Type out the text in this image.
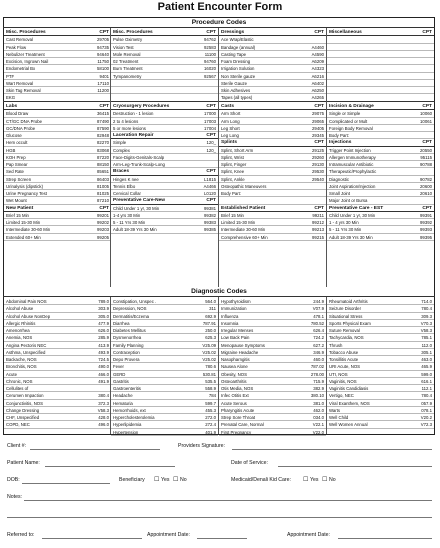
Patient Encounter Form
Procedure Codes
Misc. Procedures	CPT
Cast Removal	29705
Peak Flow	94735
Nebulizer Treatment	94640
Excision, Ingrown Nail	11750
Endometrial Bx	58100
PTF	9401
Wart Removal	17110
Skin Tag Removal	11200
EKG
Misc. Procedures	CPT
Pulse Oximetry	94762
Vision Test	92583
Mole Removal	11100
02 Treatment	94760
Burn Treatment	16020
Tympanometry	92567
Dressings	CPT
Ace Wrap/Elastic
Bandage (annual)	A4460
Casting Tape	A4590
Foam Dressing	A6209
Irrigation Solution	A4323
Non Sterile gauze	A6216
Sterile Gauze	A6402
Skin Adhesives	A6250
Tapes (all types)	A4265
Miscellaneous	CPT
Labs	CPT
Blood Draw	36415
CT/GC DNA Probe	87490
GC/DNA Probe	87590
Glucose	82948
Hem occult	82270
HGB	83068
KOH Prep	87220
Pap Smear	88150
Sed Rate	85651
Strep Screen	86403
Urinalysis (dipstick)	81005
Urine Pregnancy Test	81025
Wet Mount	87210
New Patient	CPT
Brief 15 Min	99201
Limited 15-30 Min	99202
Intermediate 30-60 Min	99203
Extended 60+ Min	99205
Cryosurgery Procedures	CPT
Destruction - 1 lesion	17000
2 to 4 lesions	17003
5 or more lesions	17004
Laceration Repair	CPT
Simple	120_
Complex	120_
Face-Digits-Genitals-Scalp
Arm-Leg-Trunk-Scalp-Long
Braces	CPT
Hinges K nee	L1815
Tennis Elbo	A4466
Cervical Collar	L0120
Preventative Care-New	CPT
Child Under 1 yr, 30 Min	99381
1-4 yrs 30 Min	99382
5 - 11 Yrs 30 Min	99383
Adult 18-39 Yrs 30 Min	99385
Casts	CPT
Arm Short	29075
Arm Long	29065
Leg Short	29405
Leg Long	29345
Splints	CPT
Splint, Short Arm	29125
Splint, Wrist	29260
Splint, Finger	29130
Splint, Knee	29530
Splint, Ankle	29540
Osteopathic Maneuvers
Body Part:
Established Patient	CPT
Brief 15 Min	99211
Limited 15-30 Min	99212
Intermediate 30-60 Min	99213
Comprehensive 60+ Min	99215
Incision & Drainage	CPT
Single or Simple	10060
Complicated or Mult	10061
Foreign Body Removal
Body Part:
Injections	CPT
Trigger Point Injection	20550
Allergen Immunotherapy	95115
Intramuscular Antibiotic	90788
Therapeutic/Prophylactic
Diagnostic	90782
Joint Aspiration/Injection	20600
Small Joint	20610
Major Joint or Bursa
Preventative Care - EST	CPT
Child Under 1 yr, 30 Min	99391
1 - 4 yrs 30 Min	99392
5 - 11 Yrs 30 Min	99393
Adult 18-39 Yrs 30 Min	99395
Diagnostic Codes
Abdominal Pain NOS	789.0
Alcohol Abuse	303.9
Alcohol Abuse NonDep	305.0
Allergic Rhinitis	477.9
Amenorrhea	626.0
Anemia, NOS	285.9
Angina Pectoris NEC	413.9
Asthma, Unspecified	493.9
Backache, NOS	724.5
Bronchitis, NOS	490.0
Acute	466.0
Chronic, NOS	491.9
Cellulites of
Cerumen Impaction	380.4
Conjunctivitis, NOS	372.3
Change Dressing	V58.3
CHF, Unspecified	428.0
COPD, NEC	496.0
Constipation, Unspec .	564.0
Depression, NOS	311
Dermatitis/Eczema	692.9
Diarrhea	787.91
Diabetes Mellitus	250.0
Dysmenorrhea	625.3
Family Planning	V25.09
Contraception	V25.02
Depo Provera	V25.02
Fever	780.6
GERD	530.81
Gastritis	535.5
Gastroenteritis	558.9
Headache	784
Hematuria	599.7
Hemorrhoids, ext	455.3
Hypercholesterolemia	272.0
Hyperlipidemia	272.4
Hypertension	401.9
Hypothyroidism	244.9
Immunization	V07.9
Influenza	478.1
Insomnia	780.52
Irregular Menses	626.4
Low Back Pain	724.2
Menopause Symptoms	627.2
Migraine Headache	346.9
Nasopharngitis	460.0
Nausea Alone	787.02
Obesity, NOS	278.00
Osteoarthritis	715.9
Otis Media, NOS	382.9
Infec Otitis Ext	380.10
Acute Serous	381.0
Pharyngitis Acute	462.0
Strep Sore Throat	034.0
Prenatal Care, Normal	V22.1
First Pregnancy	V22.0
Rheumatoid Arthritis	714.0
Seizure Disorder	780.4
Situational Stress	309.3
Sports Physical Exam	V70.3
Suture Removal	V58.3
Tachycardia, NOS	785.1
Thrush	112.0
Tobacco Abuse	305.1
Tonsillitis Acute	463.0
URI Acute, NOS	465.9
UTI, NOS	599.0
Vaginitis, NOS	616.1
Vaginitis Candidiasis	112.1
Vertigo, NEC	780.4
Viral Exanthem, NOS	057.9
Warts	078.1
Well Child	V20.2
Well Women Annual	V72.3
Client #:	Providers Signature:
Patient Name:	Date of Service:
DOB:	Beneficiary ☐ Yes ☐ No	Medicaid/Denali Kid Care: ☐ Yes ☐ No
Notes:
Referred to:	Appointment Date:	Appointment Date:
